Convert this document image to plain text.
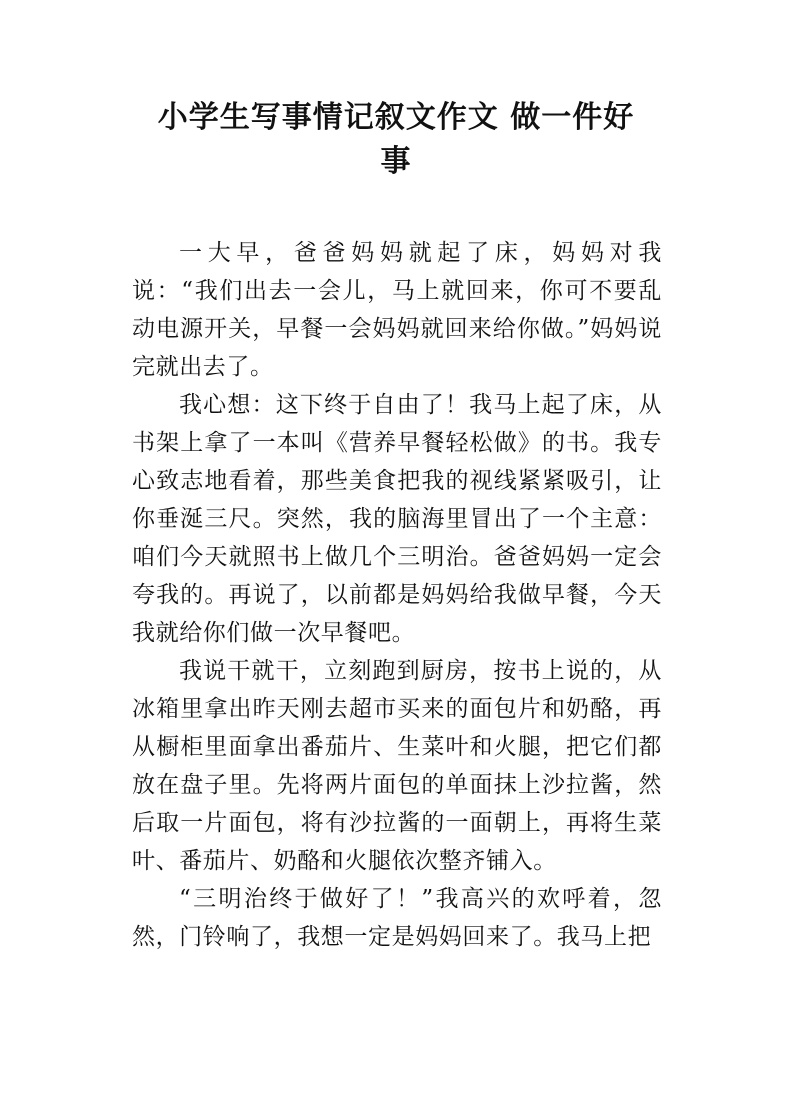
小学生写事情记叙文作文 做一件好
事

一大早，爸爸妈妈就起了床，妈妈对我说：“我们出去一会儿，马上就回来，你可不要乱动电源开关，早餐一会妈妈就回来给你做。”妈妈说完就出去了。

我心想：这下终于自由了！我马上起了床，从书架上拿了一本叫《营养早餐轻松做》的书。我专心致志地看着，那些美食把我的视线紧紧吸引，让你垂涎三尺。突然，我的脑海里冒出了一个主意：咱们今天就照书上做几个三明治。爸爸妈妈一定会夸我的。再说了，以前都是妈妈给我做早餐，今天我就给你们做一次早餐吧。

我说干就干，立刻跑到厨房，按书上说的，从冰箱里拿出昨天刚去超市买来的面包片和奶酪，再从橱柜里面拿出番茄片、生菜叶和火腿，把它们都放在盘子里。先将两片面包的单面抹上沙拉酱，然后取一片面包，将有沙拉酱的一面朝上，再将生菜叶、番茄片、奶酪和火腿依次整齐铺入。

“三明治终于做好了！”我高兴的欢呼着，忽然，门铃响了，我想一定是妈妈回来了。我马上把
